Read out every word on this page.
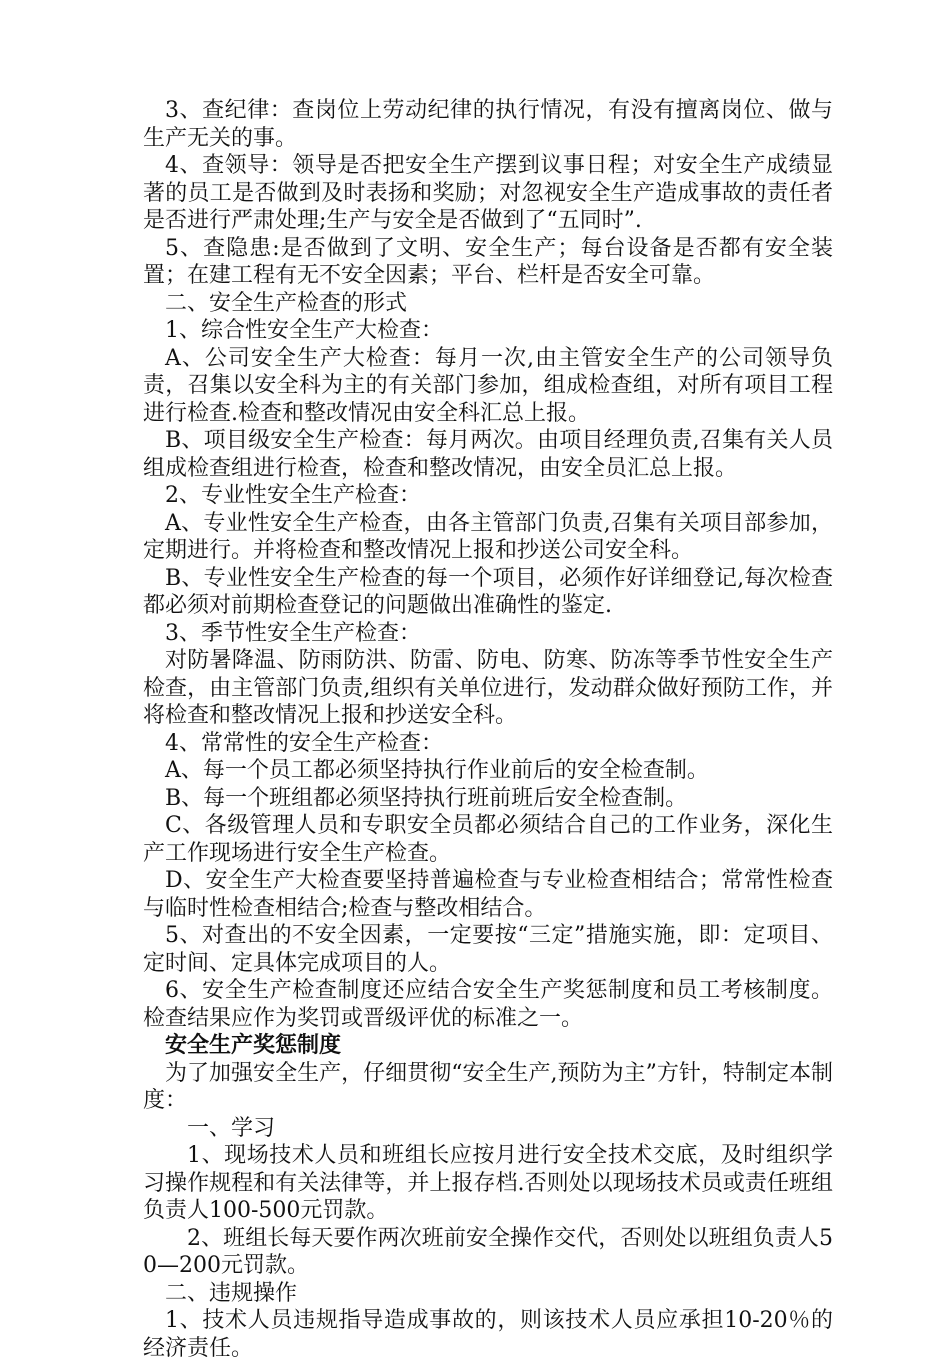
3、查纪律：查岗位上劳动纪律的执行情况，有没有擅离岗位、做与生产无关的事。

4、查领导：领导是否把安全生产摆到议事日程；对安全生产成绩显著的员工是否做到及时表扬和奖励；对忽视安全生产造成事故的责任者是否进行严肃处理;生产与安全是否做到了“五同时”.

5、查隐患:是否做到了文明、安全生产；每台设备是否都有安全装置；在建工程有无不安全因素；平台、栏杆是否安全可靠。

二、安全生产检查的形式

1、综合性安全生产大检查：

A、公司安全生产大检查：每月一次,由主管安全生产的公司领导负责，召集以安全科为主的有关部门参加，组成检查组，对所有项目工程进行检查.检查和整改情况由安全科汇总上报。

B、项目级安全生产检查：每月两次。由项目经理负责,召集有关人员组成检查组进行检查，检查和整改情况，由安全员汇总上报。

2、专业性安全生产检查：

A、专业性安全生产检查，由各主管部门负责,召集有关项目部参加，定期进行。并将检查和整改情况上报和抄送公司安全科。

B、专业性安全生产检查的每一个项目，必须作好详细登记,每次检查都必须对前期检查登记的问题做出准确性的鉴定.

3、季节性安全生产检查：

对防暑降温、防雨防洪、防雷、防电、防寒、防冻等季节性安全生产检查，由主管部门负责,组织有关单位进行，发动群众做好预防工作，并将检查和整改情况上报和抄送安全科。

4、常常性的安全生产检查：

A、每一个员工都必须坚持执行作业前后的安全检查制。

B、每一个班组都必须坚持执行班前班后安全检查制。

C、各级管理人员和专职安全员都必须结合自己的工作业务，深化生产工作现场进行安全生产检查。

D、安全生产大检查要坚持普遍检查与专业检查相结合；常常性检查与临时性检查相结合;检查与整改相结合。

5、对查出的不安全因素，一定要按“三定”措施实施，即：定项目、定时间、定具体完成项目的人。

6、安全生产检查制度还应结合安全生产奖惩制度和员工考核制度。检查结果应作为奖罚或晋级评优的标准之一。

安全生产奖惩制度

为了加强安全生产，仔细贯彻“安全生产,预防为主”方针，特制定本制度：

一、学习

1、现场技术人员和班组长应按月进行安全技术交底，及时组织学习操作规程和有关法律等，并上报存档.否则处以现场技术员或责任班组负责人100-500元罚款。

2、班组长每天要作两次班前安全操作交代，否则处以班组负责人50—200元罚款。

二、违规操作

1、技术人员违规指导造成事故的，则该技术人员应承担10-20％的经济责任。
